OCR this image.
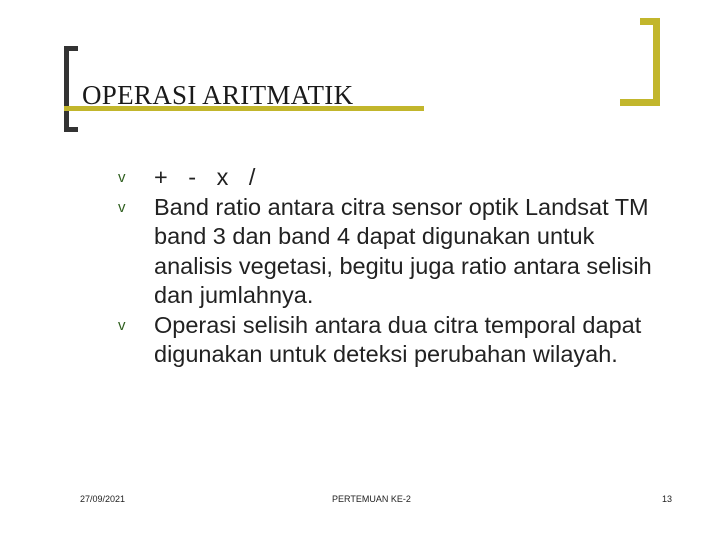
OPERASI ARITMATIK
v	+ - x /
v	Band ratio antara citra sensor optik Landsat TM band 3 dan band 4 dapat digunakan untuk analisis vegetasi, begitu juga ratio antara selisih dan jumlahnya.
v	Operasi selisih antara dua citra temporal dapat digunakan untuk deteksi perubahan wilayah.
27/09/2021	PERTEMUAN KE-2	13
